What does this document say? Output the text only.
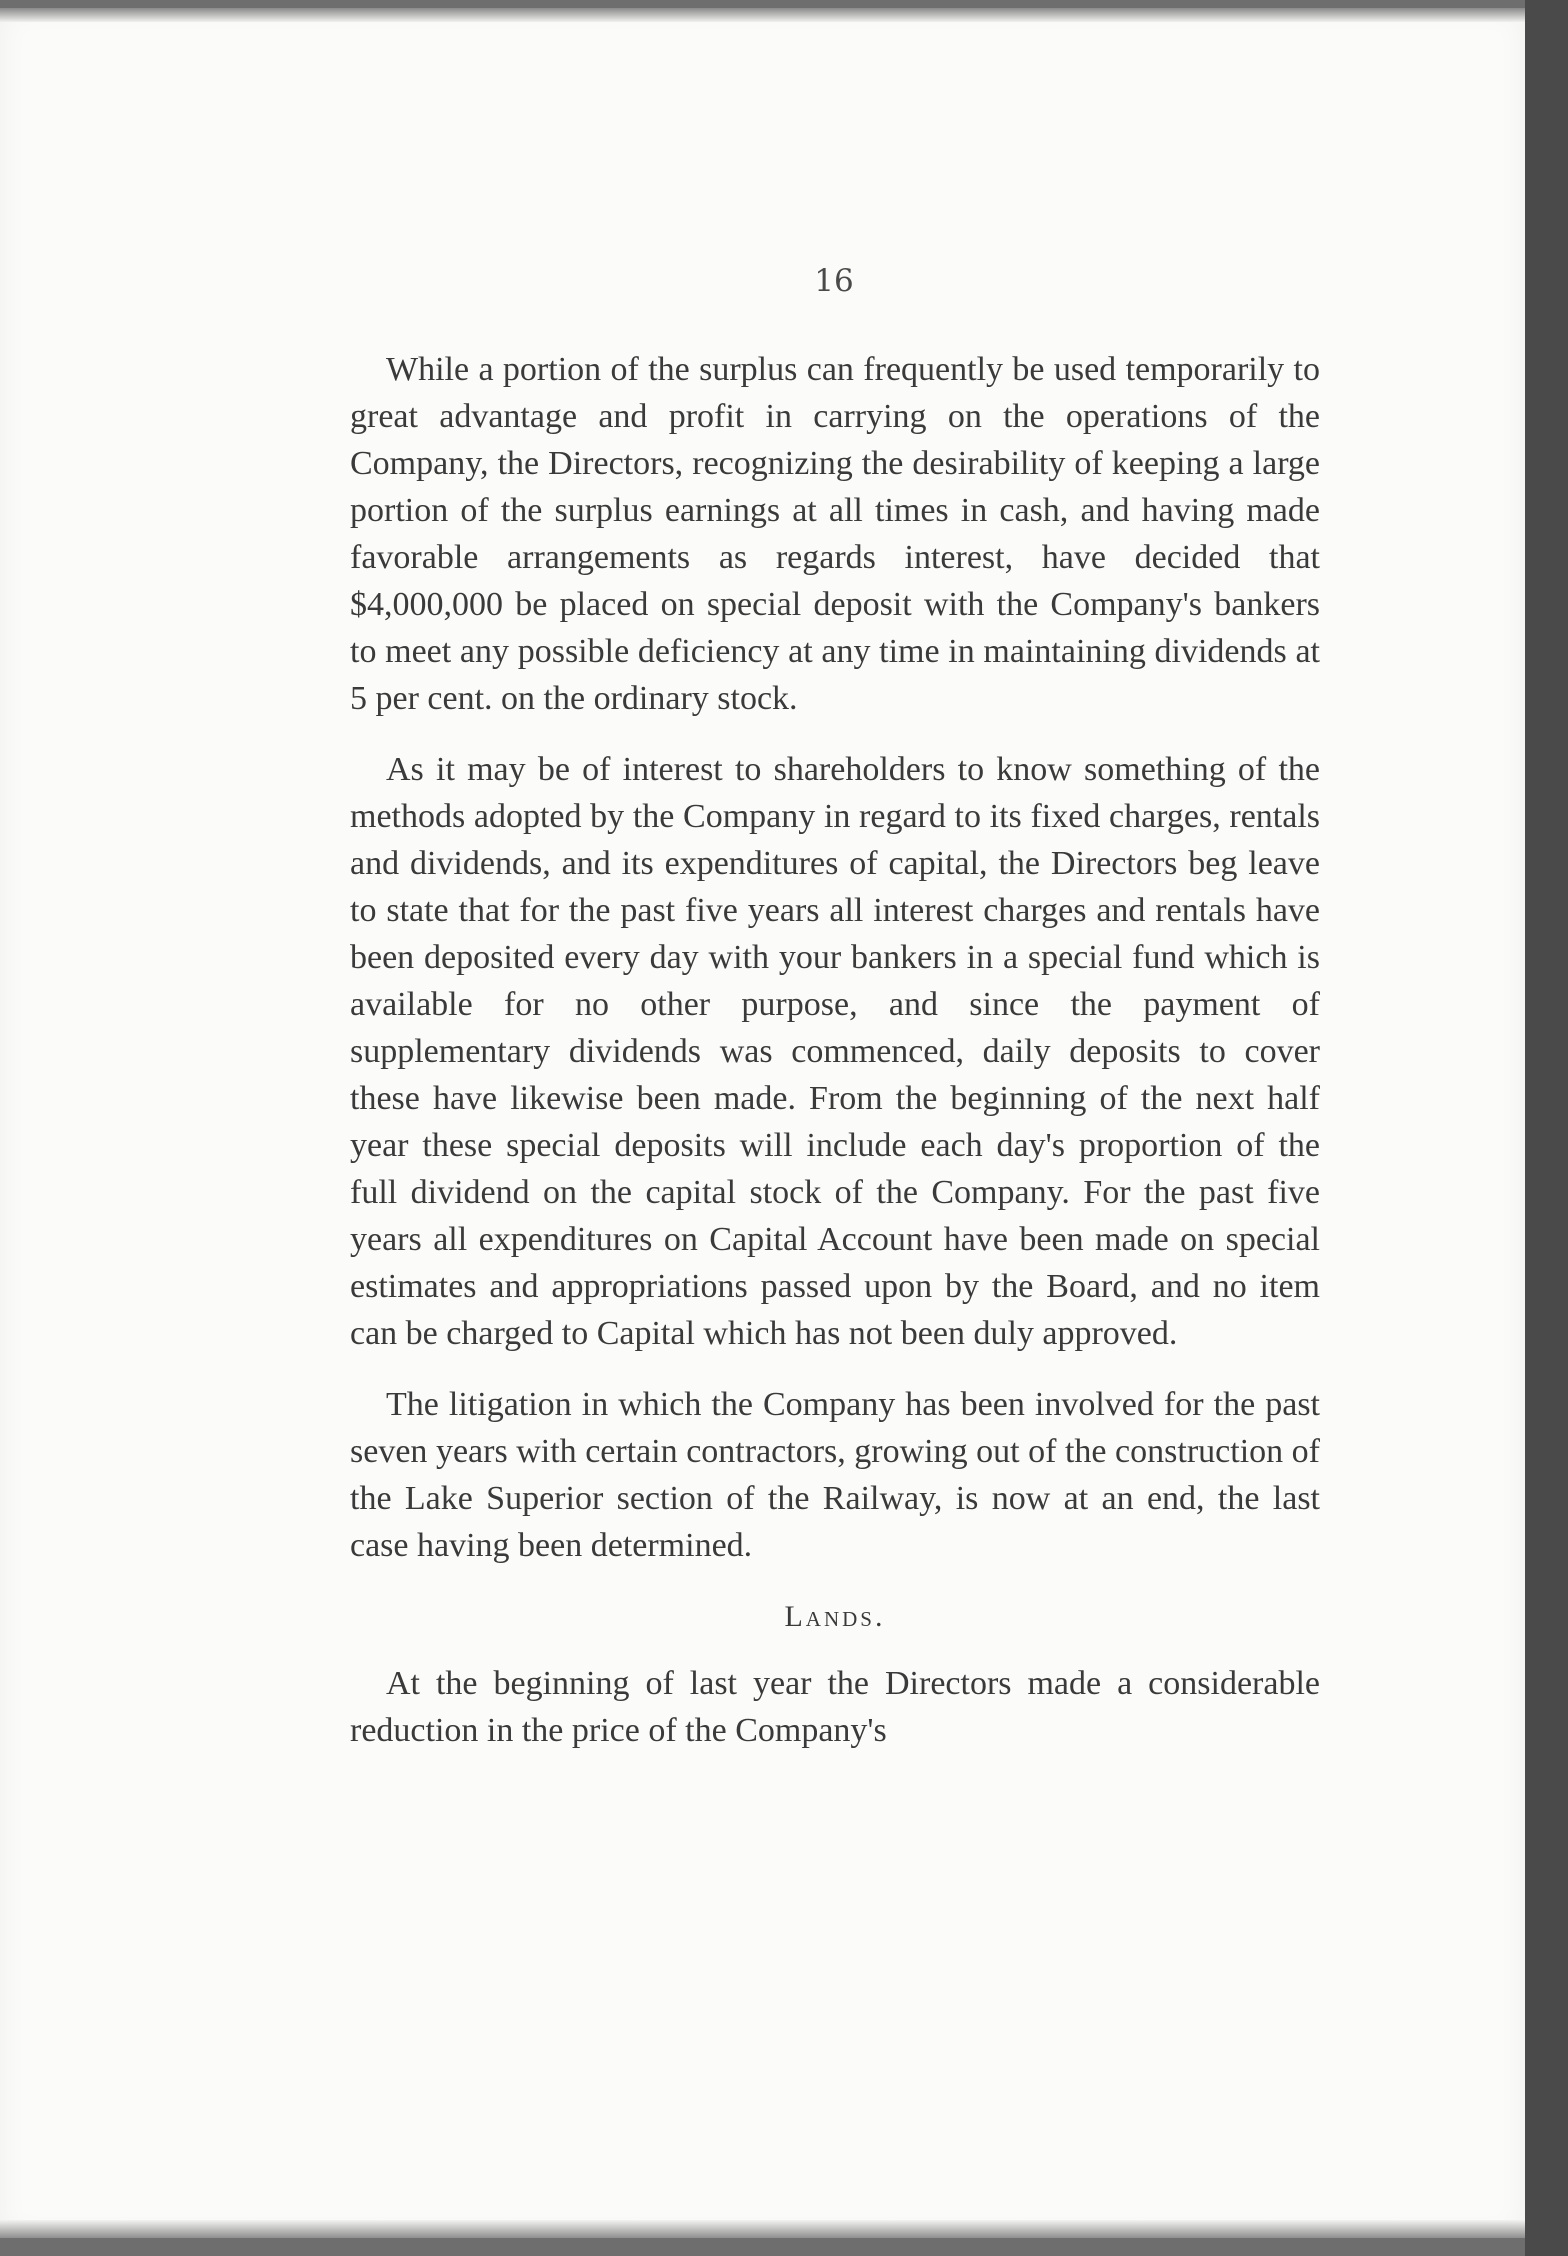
16

While a portion of the surplus can frequently be used temporarily to great advantage and profit in carrying on the operations of the Company, the Directors, recognizing the desirability of keeping a large portion of the surplus earnings at all times in cash, and having made favorable arrangements as regards interest, have decided that $4,000,000 be placed on special deposit with the Company's bankers to meet any possible deficiency at any time in maintaining dividends at 5 per cent. on the ordinary stock.

As it may be of interest to shareholders to know something of the methods adopted by the Company in regard to its fixed charges, rentals and dividends, and its expenditures of capital, the Directors beg leave to state that for the past five years all interest charges and rentals have been deposited every day with your bankers in a special fund which is available for no other purpose, and since the payment of supplementary dividends was commenced, daily deposits to cover these have likewise been made. From the beginning of the next half year these special deposits will include each day's proportion of the full dividend on the capital stock of the Company. For the past five years all expenditures on Capital Account have been made on special estimates and appropriations passed upon by the Board, and no item can be charged to Capital which has not been duly approved.

The litigation in which the Company has been involved for the past seven years with certain contractors, growing out of the construction of the Lake Superior section of the Railway, is now at an end, the last case having been determined.

Lands.

At the beginning of last year the Directors made a considerable reduction in the price of the Company's
